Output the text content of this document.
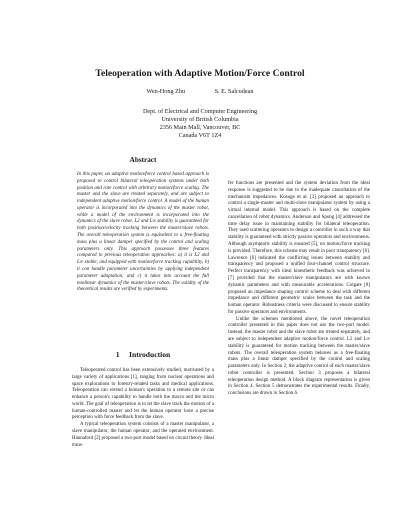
Teleoperation with Adaptive Motion/Force Control
Wen-Hong Zhu	S. E. Salcudean
Dept. of Electrical and Computer Engineering
University of British Columbia
2356 Main Mall, Vancouver, BC
Canada V6T 1Z4
Abstract
In this paper, an adaptive motion/force control based approach is proposed to control bilateral teleoperation systems under both position and rate control with arbitrary motion/force scaling. The master and the slave are treated separately, and are subject to independent adaptive motion/force control. A model of the human operator is incorporated into the dynamics of the master robot, while a model of the environment is incorporated into the dynamics of the slave robot. L2 and L∞ stability is guaranteed for both position/velocity tracking between the master/slave robots. The overall teleoperation system is equivalent to a free-floating mass plus a linear damper specified by the control and scaling parameters only. This approach possesses three features compared to previous teleoperation approaches: a) it is L2 and L∞ stable, and equipped with motion/force tracking capability, b) it can handle parameter uncertainties by applying independent parameter adaptation; and c) it takes into account the full nonlinear dynamics of the master/slave robots. The validity of the theoretical results are verified by experiments.
1     Introduction

Teleoperated control has been extensively studied, motivated by a large variety of applications [1], ranging from nuclear operations and space explorations to forestry-related tasks and medical applications. Teleoperation can extend a human's operation to a remote site or can enhance a person's capability to handle both the macro and the micro world. The goal of teleoperation is to let the slave track the motion of a human-controlled master and let the human operator have a precise perception with force feedback from the slave.

A typical teleoperation system consists of a master manipulator, a slave manipulator, the human operator, and the operated environment. Hannaford [2] proposed a two-port model based on circuit theory. Ideal trans-

fer functions are presented and the system deviation from the ideal response is suggested to be due to the inadequate cancellation of the mechanism impedances. Kosuge et al. [3] proposed an approach to control a single-master and multi-slave manipulator system by using a virtual internal model. This approach is based on the complete cancellation of robot dynamics. Anderson and Spong [4] addressed the time delay issue in maintaining stability for bilateral teleoperation. They used scattering operators to design a controller in such a way that stability is guaranteed with strictly passive operators and environments. Although asymptotic stability is ensured [5], no motion/force tracking is provided. Therefore, this scheme may result in poor transparency [6]. Lawrence [6] indicated the conflicting issues between stability and transparency and proposed a unified four-channel control structure. Perfect transparency with ideal kinesthetic feedback was achieved in [7] provided that the master/slave manipulators are with known dynamic parameters and with measurable accelerations. Colgate [8] proposed an impedance shaping control scheme to deal with different impedance and different geometric scales between the task and the human operator. Robustness criteria were discussed to ensure stability for passive operators and environments.

Unlike the schemes mentioned above, the novel teleoperation controller presented in this paper does not use the two-port model. Instead, the master robot and the slave robot are treated separately, and are subject to independent adaptive motion/force control. L2 and L∞ stability is guaranteed for motion tracking between the master/slave robots. The overall teleoperation system behaves as a free-floating mass plus a linear damper specified by the control and scaling parameters only. In Section 2, the adaptive control of each master/slave robot controller is presented. Section 3 proposes a bilateral teleoperation design method. A block diagram representation is given in Section 4. Section 5 demonstrates the experimental results. Finally, conclusions are drawn in Section 6.
